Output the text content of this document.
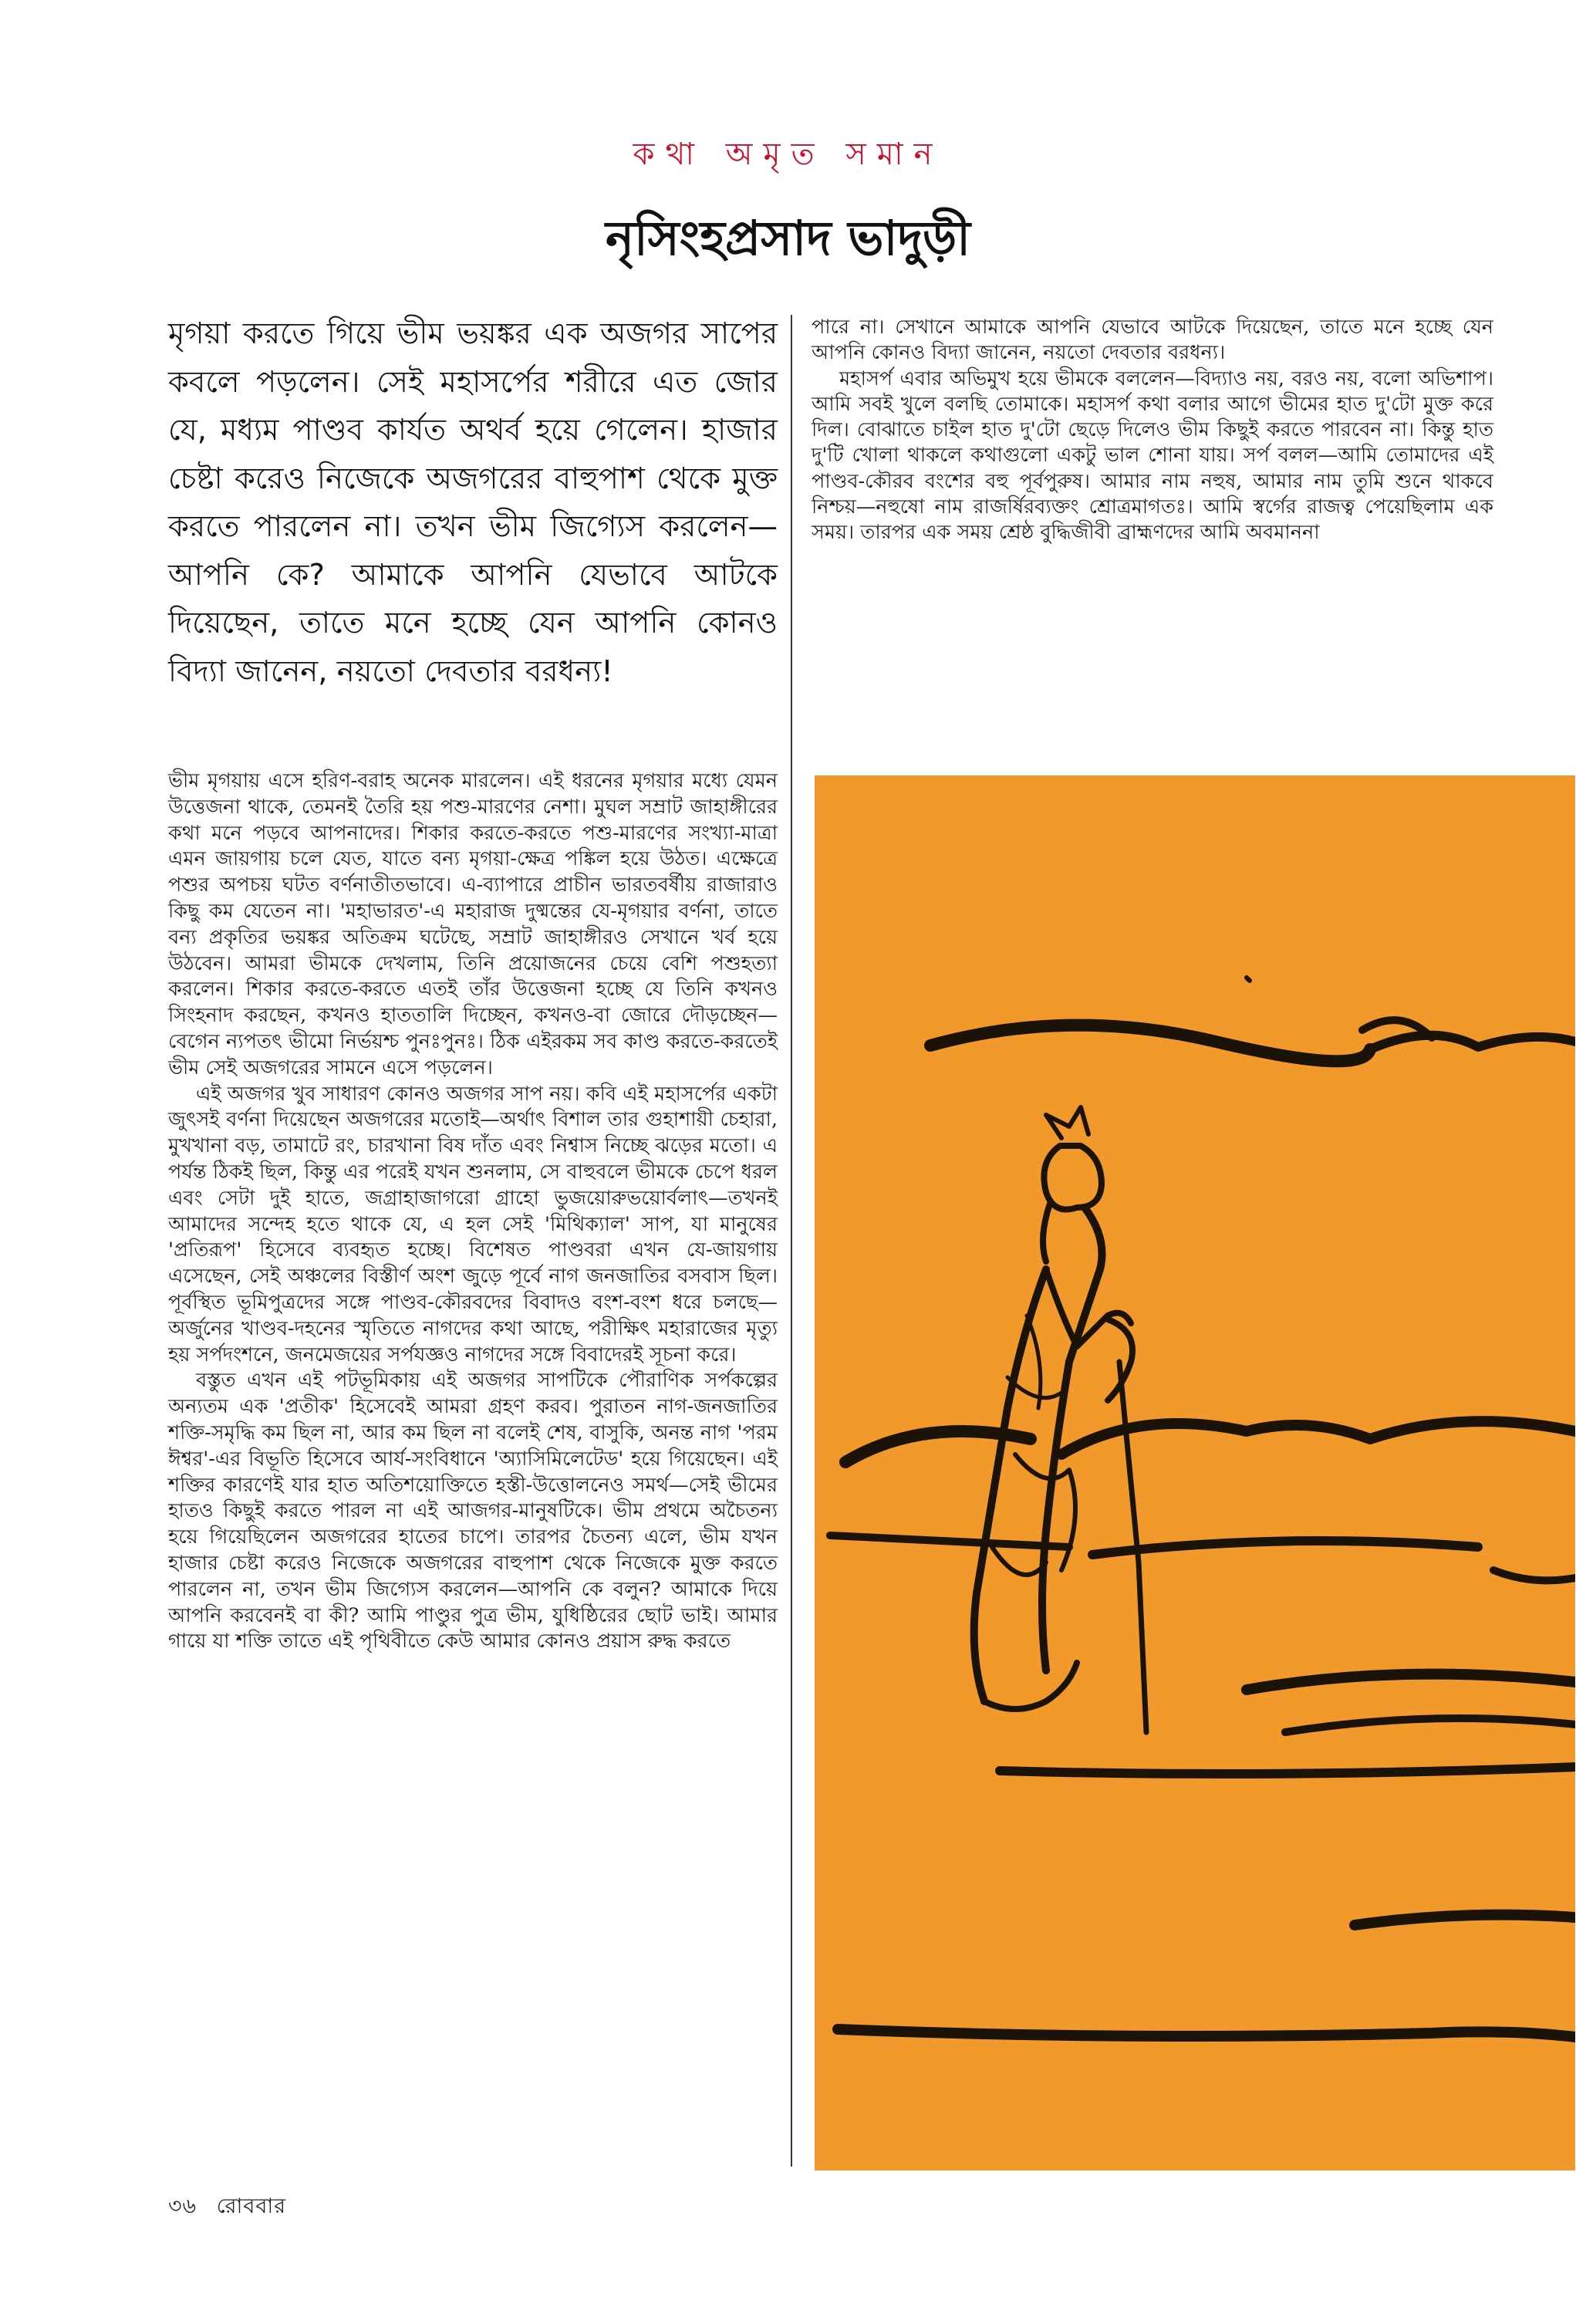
কথা অমৃত সমান
নৃসিংহপ্রসাদ ভাদুড়ী

মৃগয়া করতে গিয়ে ভীম ভয়ঙ্কর এক অজগর সাপের কবলে পড়লেন। সেই মহাসর্পের শরীরে এত জোর যে, মধ্যম পাণ্ডব কার্যত অথর্ব হয়ে গেলেন। হাজার চেষ্টা করেও নিজেকে অজগরের বাহুপাশ থেকে মুক্ত করতে পারলেন না। তখন ভীম জিগ্যেস করলেন—আপনি কে? আমাকে আপনি যেভাবে আটকে দিয়েছেন, তাতে মনে হচ্ছে যেন আপনি কোনও বিদ্যা জানেন, নয়তো দেবতার বরধন্য!

পারে না। সেখানে আমাকে আপনি যেভাবে আটকে দিয়েছেন, তাতে মনে হচ্ছে যেন আপনি কোনও বিদ্যা জানেন, নয়তো দেবতার বরধন্য।

মহাসর্প এবার অভিমুখ হয়ে ভীমকে বললেন—বিদ্যাও নয়, বরও নয়, বলো অভিশাপ। আমি সবই খুলে বলছি তোমাকে। মহাসর্প কথা বলার আগে ভীমের হাত দু'টো মুক্ত করে দিল। বোঝাতে চাইল হাত দু'টো ছেড়ে দিলেও ভীম কিছুই করতে পারবেন না। কিন্তু হাত দু'টি খোলা থাকলে কথাগুলো একটু ভাল শোনা যায়। সর্প বলল—আমি তোমাদের এই পাণ্ডব-কৌরব বংশের বহু পূর্বপুরুষ। আমার নাম নহুষ, আমার নাম তুমি শুনে থাকবে নিশ্চয়—নহুষো নাম রাজর্ষিরব্যক্তং শ্রোত্রমাগতঃ। আমি স্বর্গের রাজত্ব পেয়েছিলাম এক সময়। তারপর এক সময় শ্রেষ্ঠ বুদ্ধিজীবী ব্রাহ্মণদের আমি অবমাননা

ভীম মৃগয়ায় এসে হরিণ-বরাহ অনেক মারলেন। এই ধরনের মৃগয়ার মধ্যে যেমন উত্তেজনা থাকে, তেমনই তৈরি হয় পশু-মারণের নেশা। মুঘল সম্রাট জাহাঙ্গীরের কথা মনে পড়বে আপনাদের। শিকার করতে-করতে পশু-মারণের সংখ্যা-মাত্রা এমন জায়গায় চলে যেত, যাতে বন্য মৃগয়া-ক্ষেত্র পঙ্কিল হয়ে উঠত। এক্ষেত্রে পশুর অপচয় ঘটত বর্ণনাতীতভাবে। এ-ব্যাপারে প্রাচীন ভারতবর্ষীয় রাজারাও কিছু কম যেতেন না। 'মহাভারত'-এ মহারাজ দুষ্মন্তের যে-মৃগয়ার বর্ণনা, তাতে বন্য প্রকৃতির ভয়ঙ্কর অতিক্রম ঘটেছে, সম্রাট জাহাঙ্গীরও সেখানে খর্ব হয়ে উঠবেন। আমরা ভীমকে দেখলাম, তিনি প্রয়োজনের চেয়ে বেশি পশুহত্যা করলেন। শিকার করতে-করতে এতই তাঁর উত্তেজনা হচ্ছে যে তিনি কখনও সিংহনাদ করছেন, কখনও হাততালি দিচ্ছেন, কখনও-বা জোরে দৌড়চ্ছেন—বেগেন ন্যপতৎ ভীমো নির্ভয়শ্চ পুনঃপুনঃ। ঠিক এইরকম সব কাণ্ড করতে-করতেই ভীম সেই অজগরের সামনে এসে পড়লেন।

এই অজগর খুব সাধারণ কোনও অজগর সাপ নয়। কবি এই মহাসর্পের একটা জুৎসই বর্ণনা দিয়েছেন অজগরের মতোই—অর্থাৎ বিশাল তার গুহাশায়ী চেহারা, মুখখানা বড়, তামাটে রং, চারখানা বিষ দাঁত এবং নিশ্বাস নিচ্ছে ঝড়ের মতো। এ পর্যন্ত ঠিকই ছিল, কিন্তু এর পরেই যখন শুনলাম, সে বাহুবলে ভীমকে চেপে ধরল এবং সেটা দুই হাতে, জগ্রাহাজাগরো গ্রাহো ভুজয়োরুভয়োর্বলাৎ—তখনই আমাদের সন্দেহ হতে থাকে যে, এ হল সেই 'মিথিক্যাল' সাপ, যা মানুষের 'প্রতিরূপ' হিসেবে ব্যবহৃত হচ্ছে। বিশেষত পাণ্ডবরা এখন যে-জায়গায় এসেছেন, সেই অঞ্চলের বিস্তীর্ণ অংশ জুড়ে পূর্বে নাগ জনজাতির বসবাস ছিল। পূর্বস্থিত ভূমিপুত্রদের সঙ্গে পাণ্ডব-কৌরবদের বিবাদও বংশ-বংশ ধরে চলছে—অর্জুনের খাণ্ডব-দহনের স্মৃতিতে নাগদের কথা আছে, পরীক্ষিৎ মহারাজের মৃত্যু হয় সর্পদংশনে, জনমেজয়ের সর্পযজ্ঞও নাগদের সঙ্গে বিবাদেরই সূচনা করে।

বস্তুত এখন এই পটভূমিকায় এই অজগর সাপটিকে পৌরাণিক সর্পকল্পের অন্যতম এক 'প্রতীক' হিসেবেই আমরা গ্রহণ করব। পুরাতন নাগ-জনজাতির শক্তি-সমৃদ্ধি কম ছিল না, আর কম ছিল না বলেই শেষ, বাসুকি, অনন্ত নাগ 'পরম ঈশ্বর'-এর বিভূতি হিসেবে আর্য-সংবিধানে 'অ্যাসিমিলেটেড' হয়ে গিয়েছেন। এই শক্তির কারণেই যার হাত অতিশয়োক্তিতে হস্তী-উত্তোলনেও সমর্থ—সেই ভীমের হাতও কিছুই করতে পারল না এই আজগর-মানুষটিকে। ভীম প্রথমে অচৈতন্য হয়ে গিয়েছিলেন অজগরের হাতের চাপে। তারপর চৈতন্য এলে, ভীম যখন হাজার চেষ্টা করেও নিজেকে অজগরের বাহুপাশ থেকে নিজেকে মুক্ত করতে পারলেন না, তখন ভীম জিগ্যেস করলেন—আপনি কে বলুন? আমাকে দিয়ে আপনি করবেনই বা কী? আমি পাণ্ডুর পুত্র ভীম, যুধিষ্ঠিরের ছোট ভাই। আমার গায়ে যা শক্তি তাতে এই পৃথিবীতে কেউ আমার কোনও প্রয়াস রুদ্ধ করতে

৩৬ রোববার
